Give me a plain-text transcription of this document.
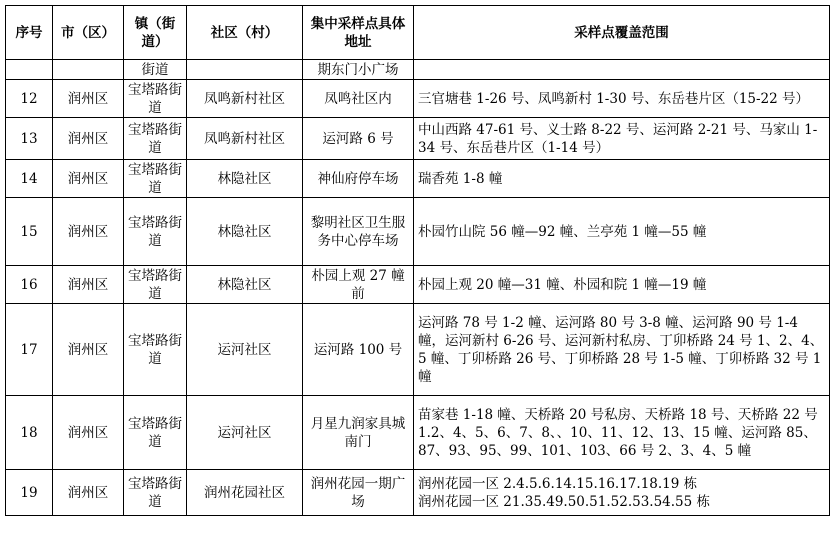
序号	市（区）	镇（街道）	社区（村）	集中采样点具体地址	采样点覆盖范围
		街道		期东门小广场	
12	润州区	宝塔路街道	凤鸣新村社区	凤鸣社区内	三官塘巷 1-26 号、凤鸣新村 1-30 号、东岳巷片区（15-22 号）

13	润州区	宝塔路街道	凤鸣新村社区	运河路 6 号	中山西路 47-61 号、义士路 8-22 号、运河路 2-21 号、马家山 1-34 号、东岳巷片区（1-14 号）

14	润州区	宝塔路街道	林隐社区	神仙府停车场	瑞香苑 1-8 幢

15	润州区	宝塔路街道	林隐社区	黎明社区卫生服务中心停车场	朴园竹山院 56 幢—92 幢、兰亭苑 1 幢—55 幢

16	润州区	宝塔路街道	林隐社区	朴园上观 27 幢前	朴园上观 20 幢—31 幢、朴园和院 1 幢—19 幢

17	润州区	宝塔路街道	运河社区	运河路 100 号	运河路 78 号 1-2 幢、运河路 80 号 3-8 幢、运河路 90 号 1-4 幢，运河新村 6-26 号、运河新村私房、丁卯桥路 24 号 1、2、4、5 幢、丁卯桥路 26 号、丁卯桥路 28 号 1-5 幢、丁卯桥路 32 号 1 幢

18	润州区	宝塔路街道	运河社区	月星九润家具城南门	苗家巷 1-18 幢、天桥路 20 号私房、天桥路 18 号、天桥路 22 号 1.2、4、5、6、7、8、、10、11、12、13、15 幢、运河路 85、87、93、95、99、101、103、66 号 2、3、4、5 幢

19	润州区	宝塔路街道	润州花园社区	润州花园一期广场	润州花园一区 2.4.5.6.14.15.16.17.18.19 栋
润州花园一区 21.35.49.50.51.52.53.54.55 栋
